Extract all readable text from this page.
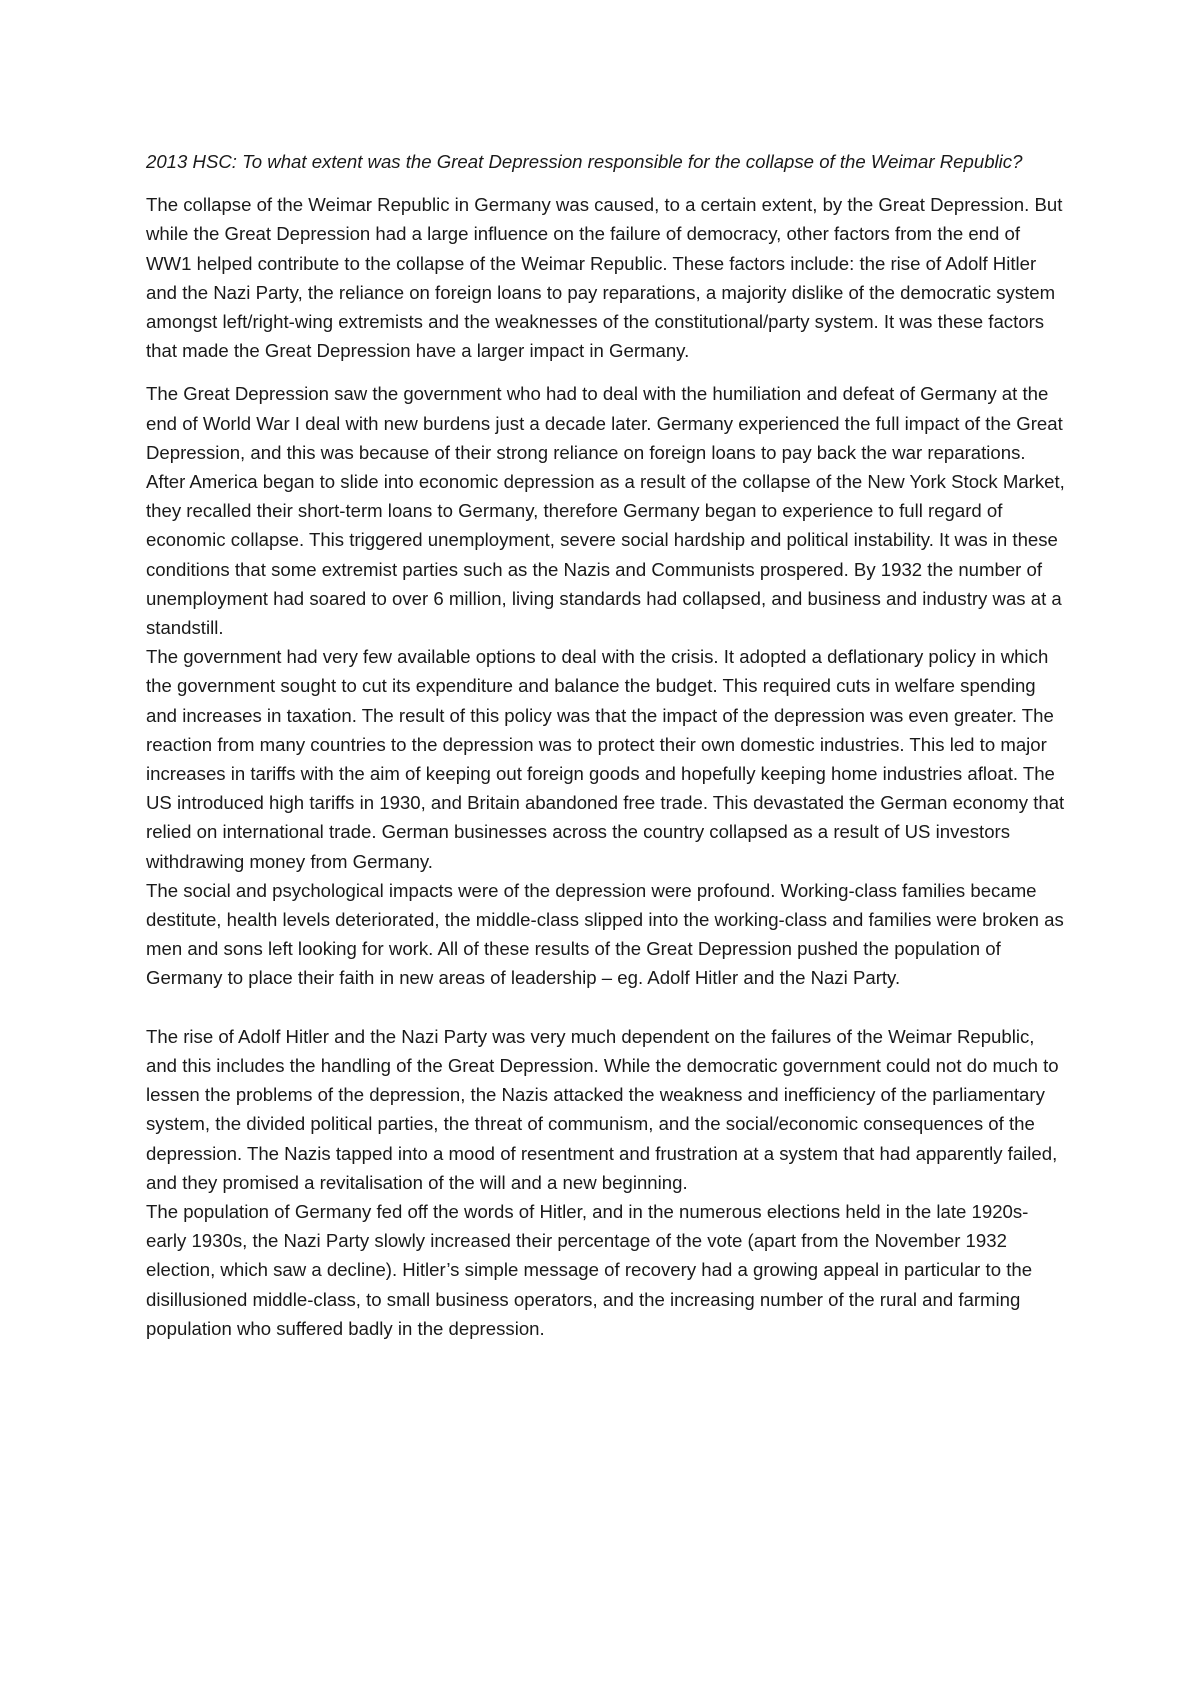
2013 HSC: To what extent was the Great Depression responsible for the collapse of the Weimar Republic?

The collapse of the Weimar Republic in Germany was caused, to a certain extent, by the Great Depression. But while the Great Depression had a large influence on the failure of democracy, other factors from the end of WW1 helped contribute to the collapse of the Weimar Republic. These factors include: the rise of Adolf Hitler and the Nazi Party, the reliance on foreign loans to pay reparations, a majority dislike of the democratic system amongst left/right-wing extremists and the weaknesses of the constitutional/party system. It was these factors that made the Great Depression have a larger impact in Germany.

The Great Depression saw the government who had to deal with the humiliation and defeat of Germany at the end of World War I deal with new burdens just a decade later. Germany experienced the full impact of the Great Depression, and this was because of their strong reliance on foreign loans to pay back the war reparations. After America began to slide into economic depression as a result of the collapse of the New York Stock Market, they recalled their short-term loans to Germany, therefore Germany began to experience to full regard of economic collapse. This triggered unemployment, severe social hardship and political instability. It was in these conditions that some extremist parties such as the Nazis and Communists prospered. By 1932 the number of unemployment had soared to over 6 million, living standards had collapsed, and business and industry was at a standstill.

The government had very few available options to deal with the crisis. It adopted a deflationary policy in which the government sought to cut its expenditure and balance the budget. This required cuts in welfare spending and increases in taxation. The result of this policy was that the impact of the depression was even greater. The reaction from many countries to the depression was to protect their own domestic industries. This led to major increases in tariffs with the aim of keeping out foreign goods and hopefully keeping home industries afloat. The US introduced high tariffs in 1930, and Britain abandoned free trade. This devastated the German economy that relied on international trade. German businesses across the country collapsed as a result of US investors withdrawing money from Germany.

The social and psychological impacts were of the depression were profound. Working-class families became destitute, health levels deteriorated, the middle-class slipped into the working-class and families were broken as men and sons left looking for work. All of these results of the Great Depression pushed the population of Germany to place their faith in new areas of leadership – eg. Adolf Hitler and the Nazi Party.

The rise of Adolf Hitler and the Nazi Party was very much dependent on the failures of the Weimar Republic, and this includes the handling of the Great Depression. While the democratic government could not do much to lessen the problems of the depression, the Nazis attacked the weakness and inefficiency of the parliamentary system, the divided political parties, the threat of communism, and the social/economic consequences of the depression. The Nazis tapped into a mood of resentment and frustration at a system that had apparently failed, and they promised a revitalisation of the will and a new beginning.

The population of Germany fed off the words of Hitler, and in the numerous elections held in the late 1920s-early 1930s, the Nazi Party slowly increased their percentage of the vote (apart from the November 1932 election, which saw a decline). Hitler’s simple message of recovery had a growing appeal in particular to the disillusioned middle-class, to small business operators, and the increasing number of the rural and farming population who suffered badly in the depression.
